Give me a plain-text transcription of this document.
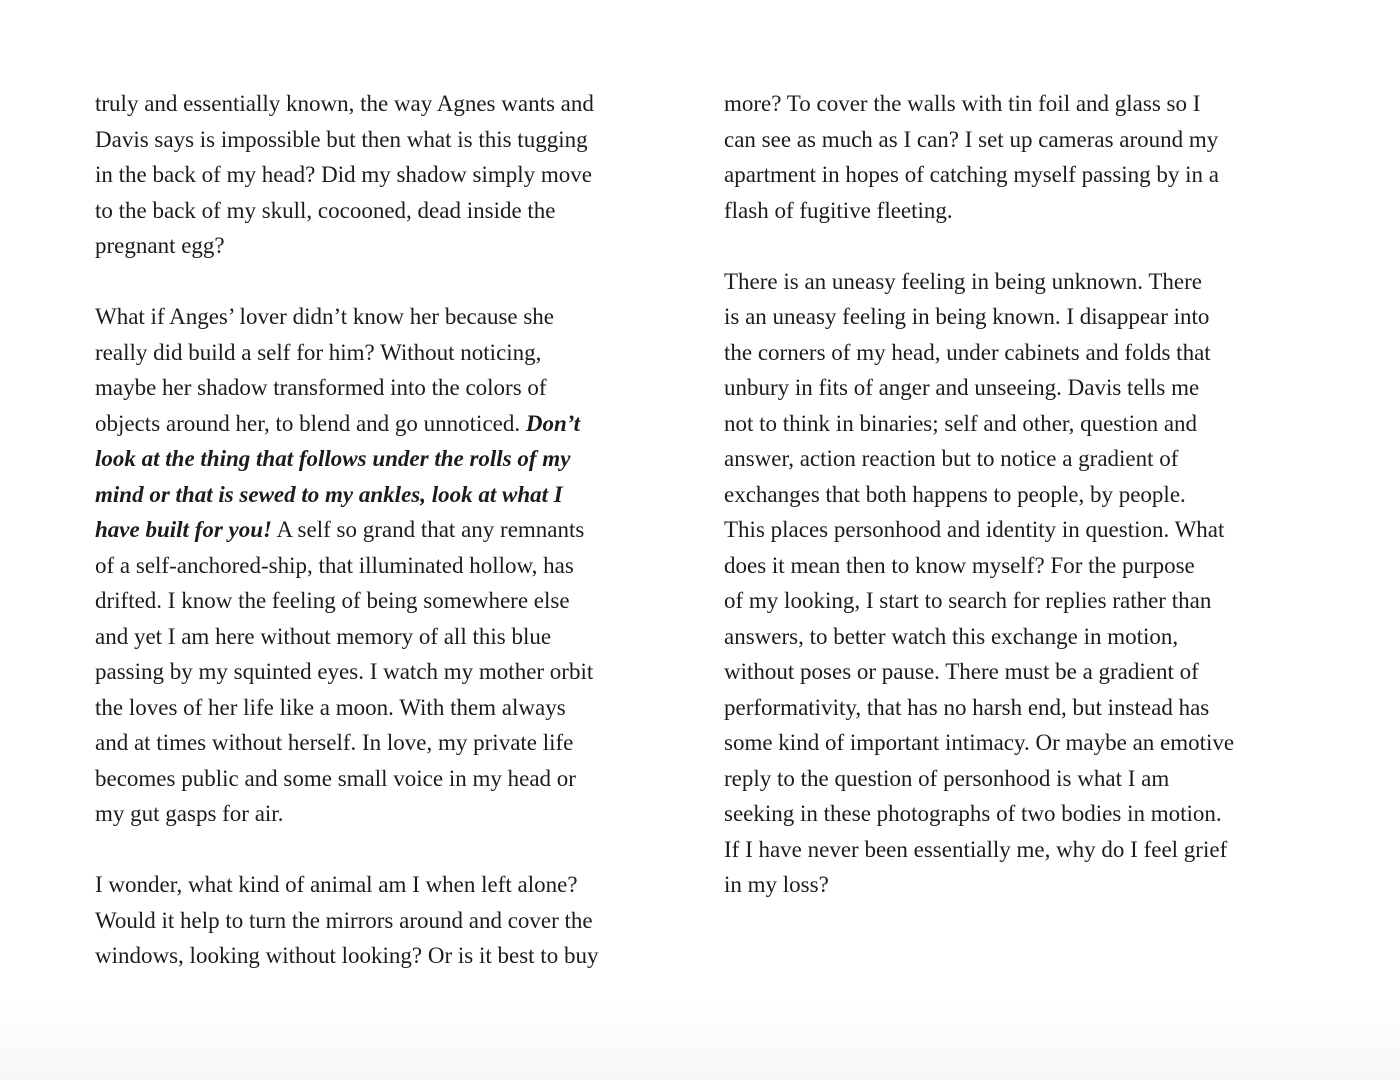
truly and essentially known, the way Agnes wants and
Davis says is impossible but then what is this tugging
in the back of my head? Did my shadow simply move
to the back of my skull, cocooned, dead inside the
pregnant egg?
What if Anges’ lover didn’t know her because she
really did build a self for him? Without noticing,
maybe her shadow transformed into the colors of
objects around her, to blend and go unnoticed. Don’t
look at the thing that follows under the rolls of my
mind or that is sewed to my ankles, look at what I
have built for you! A self so grand that any remnants
of a self-anchored-ship, that illuminated hollow, has
drifted. I know the feeling of being somewhere else
and yet I am here without memory of all this blue
passing by my squinted eyes. I watch my mother orbit
the loves of her life like a moon. With them always
and at times without herself. In love, my private life
becomes public and some small voice in my head or
my gut gasps for air.
I wonder, what kind of animal am I when left alone?
Would it help to turn the mirrors around and cover the
windows, looking without looking? Or is it best to buy
more? To cover the walls with tin foil and glass so I
can see as much as I can? I set up cameras around my
apartment in hopes of catching myself passing by in a
flash of fugitive fleeting.
There is an uneasy feeling in being unknown. There
is an uneasy feeling in being known. I disappear into
the corners of my head, under cabinets and folds that
unbury in fits of anger and unseeing. Davis tells me
not to think in binaries; self and other, question and
answer, action reaction but to notice a gradient of
exchanges that both happens to people, by people.
This places personhood and identity in question. What
does it mean then to know myself? For the purpose
of my looking, I start to search for replies rather than
answers, to better watch this exchange in motion,
without poses or pause. There must be a gradient of
performativity, that has no harsh end, but instead has
some kind of important intimacy. Or maybe an emotive
reply to the question of personhood is what I am
seeking in these photographs of two bodies in motion.
If I have never been essentially me, why do I feel grief
in my loss?
